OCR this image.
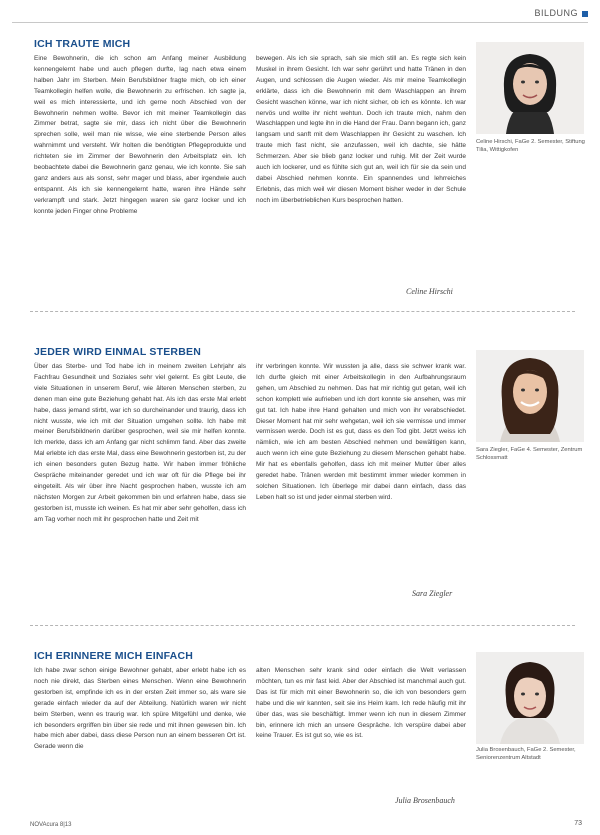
BILDUNG
ICH TRAUTE MICH
Eine Bewohnerin, die ich schon am Anfang meiner Ausbildung kennengelernt habe und auch pflegen durfte, lag nach etwa einem halben Jahr im Sterben. Mein Berufsbildner fragte mich, ob ich einer Teamkollegin helfen wolle, die Bewohnerin zu erfrischen. Ich sagte ja, weil es mich interessierte, und ich gerne noch Abschied von der Bewohnerin nehmen wollte. Bevor ich mit meiner Teamkollegin das Zimmer betrat, sagte sie mir, dass ich nicht über die Bewohnerin sprechen solle, weil man nie wisse, wie eine sterbende Person alles wahrnimmt und versteht. Wir holten die benötigten Pflegeprodukte und richteten sie im Zimmer der Bewohnerin den Arbeitsplatz ein. Ich beobachtete dabei die Bewohnerin ganz genau, wie ich konnte. Sie sah ganz anders aus als sonst, sehr mager und blass, aber irgendwie auch entspannt. Als ich sie kennengelernt hatte, waren ihre Hände sehr verkrampft und stark. Jetzt hingegen waren sie ganz locker und ich konnte jeden Finger ohne Probleme
bewegen. Als ich sie sprach, sah sie mich still an. Es regte sich kein Muskel in ihrem Gesicht. Ich war sehr gerührt und hatte Tränen in den Augen, und schlossen die Augen wieder. Als mir meine Teamkollegin erklärte, dass ich die Bewohnerin mit dem Waschlappen an ihrem Gesicht waschen könne, war ich nicht sicher, ob ich es könnte. Ich war nervös und wollte ihr nicht wehtun. Doch ich traute mich, nahm den Waschlappen und legte ihn in die Hand der Frau. Dann begann ich, ganz langsam und sanft mit dem Waschlappen ihr Gesicht zu waschen. Ich traute mich fast nicht, sie anzufassen, weil ich dachte, sie hätte Schmerzen. Aber sie blieb ganz locker und ruhig. Mit der Zeit wurde auch ich lockerer, und es fühlte sich gut an, weil ich für sie da sein und dabei Abschied nehmen konnte. Ein spannendes und lehrreiches Erlebnis, das mich weil wir diesen Moment bisher weder in der Schule noch im überbetrieblichen Kurs besprochen hatten.
Celine Hirschi
Celine Hirschi, FaGe 2. Semester, Stiftung Tilia, Wittigkofen
JEDER WIRD EINMAL STERBEN
Über das Sterbe- und Tod habe ich in meinem zweiten Lehrjahr als Fachfrau Gesundheit und Soziales sehr viel gelernt. Es gibt Leute, die viele Situationen in unserem Beruf, wie älteren Menschen sterben, zu denen man eine gute Beziehung gehabt hat. Als ich das erste Mal erlebt habe, dass jemand stirbt, war ich so durcheinander und traurig, dass ich nicht wusste, wie ich mit der Situation umgehen sollte. Ich habe mit meiner Berufsbildnerin darüber gesprochen, weil sie mir helfen konnte. Ich merkte, dass ich am Anfang gar nicht schlimm fand. Aber das zweite Mal erlebte ich das erste Mal, dass eine Bewohnerin gestorben ist, zu der ich einen besonders guten Bezug hatte. Wir haben immer fröhliche Gespräche miteinander geredet und ich war oft für die Pflege bei ihr eingeteilt. Als wir über ihre Nacht gesprochen haben, wusste ich am nächsten Morgen zur Arbeit gekommen bin und erfahren habe, dass sie gestorben ist, musste ich weinen. Es hat mir aber sehr geholfen, dass ich am Tag vorher noch mit ihr gesprochen hatte und Zeit mit
ihr verbringen konnte. Wir wussten ja alle, dass sie schwer krank war. Ich durfte gleich mit einer Arbeitskollegin in den Aufbahrungsraum gehen, um Abschied zu nehmen. Das hat mir richtig gut getan, weil ich schon komplett wie aufrieben und ich dort konnte sie ansehen, was mir gut tat. Ich habe ihre Hand gehalten und mich von ihr verabschiedet. Dieser Moment hat mir sehr wehgetan, weil ich sie vermisse und immer vermissen werde. Doch ist es gut, dass es den Tod gibt. Jetzt weiss ich nämlich, wie ich am besten Abschied nehmen und bewältigen kann, auch wenn ich eine gute Beziehung zu diesem Menschen gehabt habe. Mir hat es ebenfalls geholfen, dass ich mit meiner Mutter über alles geredet habe. Tränen werden mit bestimmt immer wieder kommen in solchen Situationen. Ich überlege mir dabei dann einfach, dass das Leben halt so ist und jeder einmal sterben wird.
Sara Ziegler
Sara Ziegler, FaGe 4. Semester, Zentrum Schlossmatt
ICH ERINNERE MICH EINFACH
Ich habe zwar schon einige Bewohner gehabt, aber erlebt habe ich es noch nie direkt, das Sterben eines Menschen. Wenn eine Bewohnerin gestorben ist, empfinde ich es in der ersten Zeit immer so, als ware sie gerade einfach wieder da auf der Abteilung. Natürlich waren wir nicht beim Sterben, wenn es traurig war. Ich spüre Mitgefühl und denke, wie ich besonders ergriffen bin über sie rede und mit ihnen gewesen bin. Ich habe mich aber dabei, dass diese Person nun an einem besseren Ort ist. Gerade wenn die
alten Menschen sehr krank sind oder einfach die Welt verlassen möchten, tun es mir fast leid. Aber der Abschied ist manchmal auch gut. Das ist für mich mit einer Bewohnerin so, die ich von besonders gern habe und die wir kannten, seit sie ins Heim kam. Ich rede häufig mit ihr über das, was sie beschäftigt. Immer wenn ich nun in diesem Zimmer bin, erinnere ich mich an unsere Gespräche. Ich verspüre dabei aber keine Trauer. Es ist gut so, wie es ist.
Julia Brosenbauch
Julia Brosenbauch, FaGe 2. Semester, Seniorenzentrum Altstadt
NOVAcura 8|13	73
